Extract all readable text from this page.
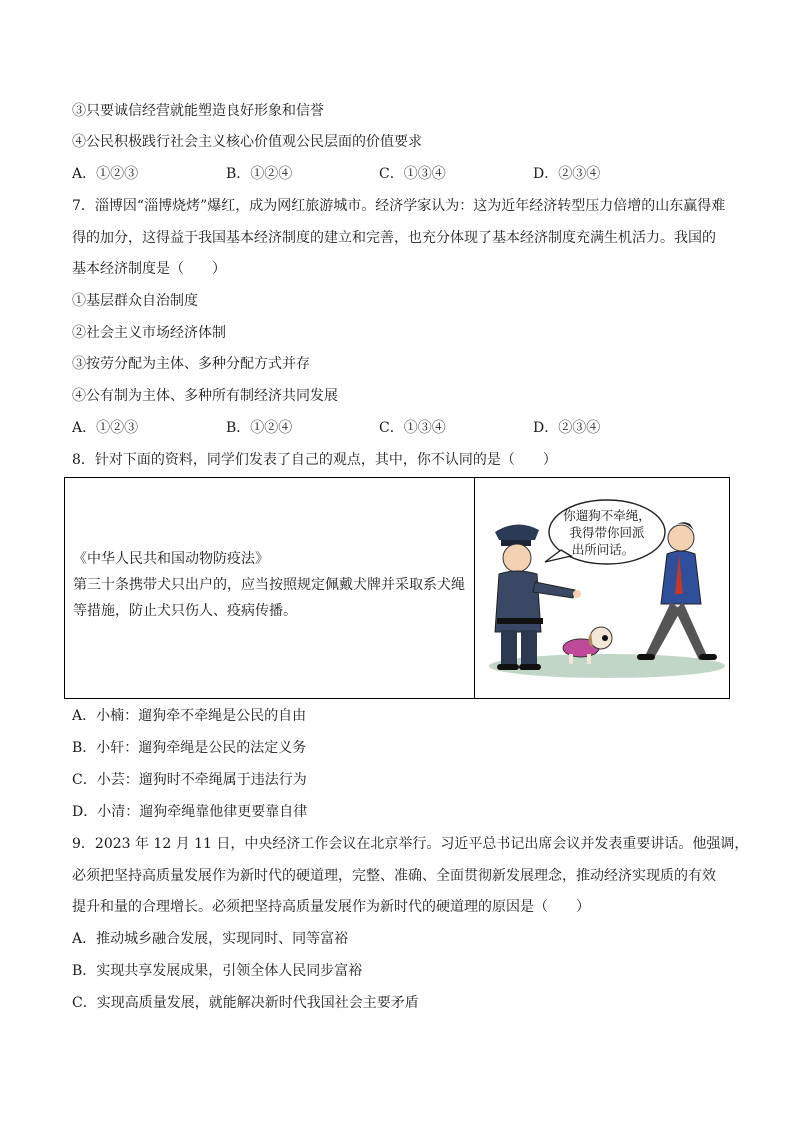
③只要诚信经营就能塑造良好形象和信誉
④公民积极践行社会主义核心价值观公民层面的价值要求
A．①②③	B．①②④	C．①③④	D．②③④
7．淄博因“淄博烧烤”爆红，成为网红旅游城市。经济学家认为：这为近年经济转型压力倍增的山东赢得难
得的加分，这得益于我国基本经济制度的建立和完善，也充分体现了基本经济制度充满生机活力。我国的
基本经济制度是（　　）
①基层群众自治制度
②社会主义市场经济体制
③按劳分配为主体、多种分配方式并存
④公有制为主体、多种所有制经济共同发展
A．①②③	B．①②④	C．①③④	D．②③④
8．针对下面的资料，同学们发表了自己的观点，其中，你不认同的是（　　）
《中华人民共和国动物防疫法》
第三十条携带犬只出户的，应当按照规定佩戴犬牌并采取系犬绳
等措施，防止犬只伤人、疫病传播。
你遛狗不牵绳，
我得带你回派
出所问话。
A．小楠：遛狗牵不牵绳是公民的自由
B．小轩：遛狗牵绳是公民的法定义务
C．小芸：遛狗时不牵绳属于违法行为
D．小清：遛狗牵绳靠他律更要靠自律
9．2023 年 12 月 11 日，中央经济工作会议在北京举行。习近平总书记出席会议并发表重要讲话。他强调，
必须把坚持高质量发展作为新时代的硬道理，完整、准确、全面贯彻新发展理念，推动经济实现质的有效
提升和量的合理增长。必须把坚持高质量发展作为新时代的硬道理的原因是（　　）
A．推动城乡融合发展，实现同时、同等富裕
B．实现共享发展成果，引领全体人民同步富裕
C．实现高质量发展，就能解决新时代我国社会主要矛盾
